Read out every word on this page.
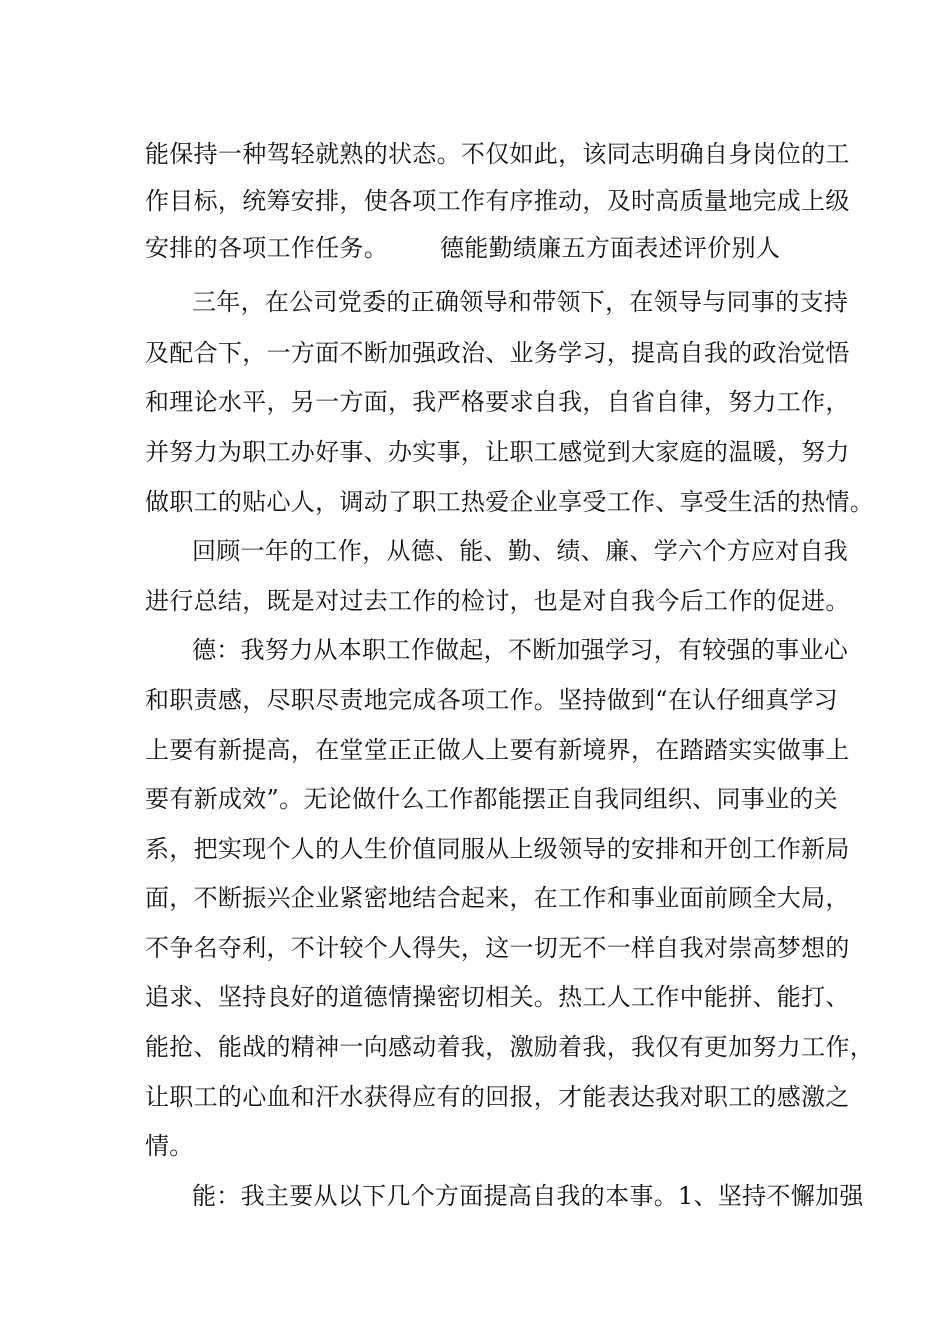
能保持一种驾轻就熟的状态。不仅如此，该同志明确自身岗位的工
作目标，统筹安排，使各项工作有序推动，及时高质量地完成上级
安排的各项工作任务。 德能勤绩廉五方面表述评价别人
三年，在公司党委的正确领导和带领下，在领导与同事的支持
及配合下，一方面不断加强政治、业务学习，提高自我的政治觉悟
和理论水平，另一方面，我严格要求自我，自省自律，努力工作，
并努力为职工办好事、办实事，让职工感觉到大家庭的温暖，努力
做职工的贴心人，调动了职工热爱企业享受工作、享受生活的热情。
回顾一年的工作，从德、能、勤、绩、廉、学六个方应对自我
进行总结，既是对过去工作的检讨，也是对自我今后工作的促进。
德：我努力从本职工作做起，不断加强学习，有较强的事业心
和职责感，尽职尽责地完成各项工作。坚持做到“在认仔细真学习
上要有新提高，在堂堂正正做人上要有新境界，在踏踏实实做事上
要有新成效”。无论做什么工作都能摆正自我同组织、同事业的关
系，把实现个人的人生价值同服从上级领导的安排和开创工作新局
面，不断振兴企业紧密地结合起来，在工作和事业面前顾全大局，
不争名夺利，不计较个人得失，这一切无不一样自我对崇高梦想的
追求、坚持良好的道德情操密切相关。热工人工作中能拼、能打、
能抢、能战的精神一向感动着我，激励着我，我仅有更加努力工作，
让职工的心血和汗水获得应有的回报，才能表达我对职工的感激之
情。
能：我主要从以下几个方面提高自我的本事。1、坚持不懈加强
